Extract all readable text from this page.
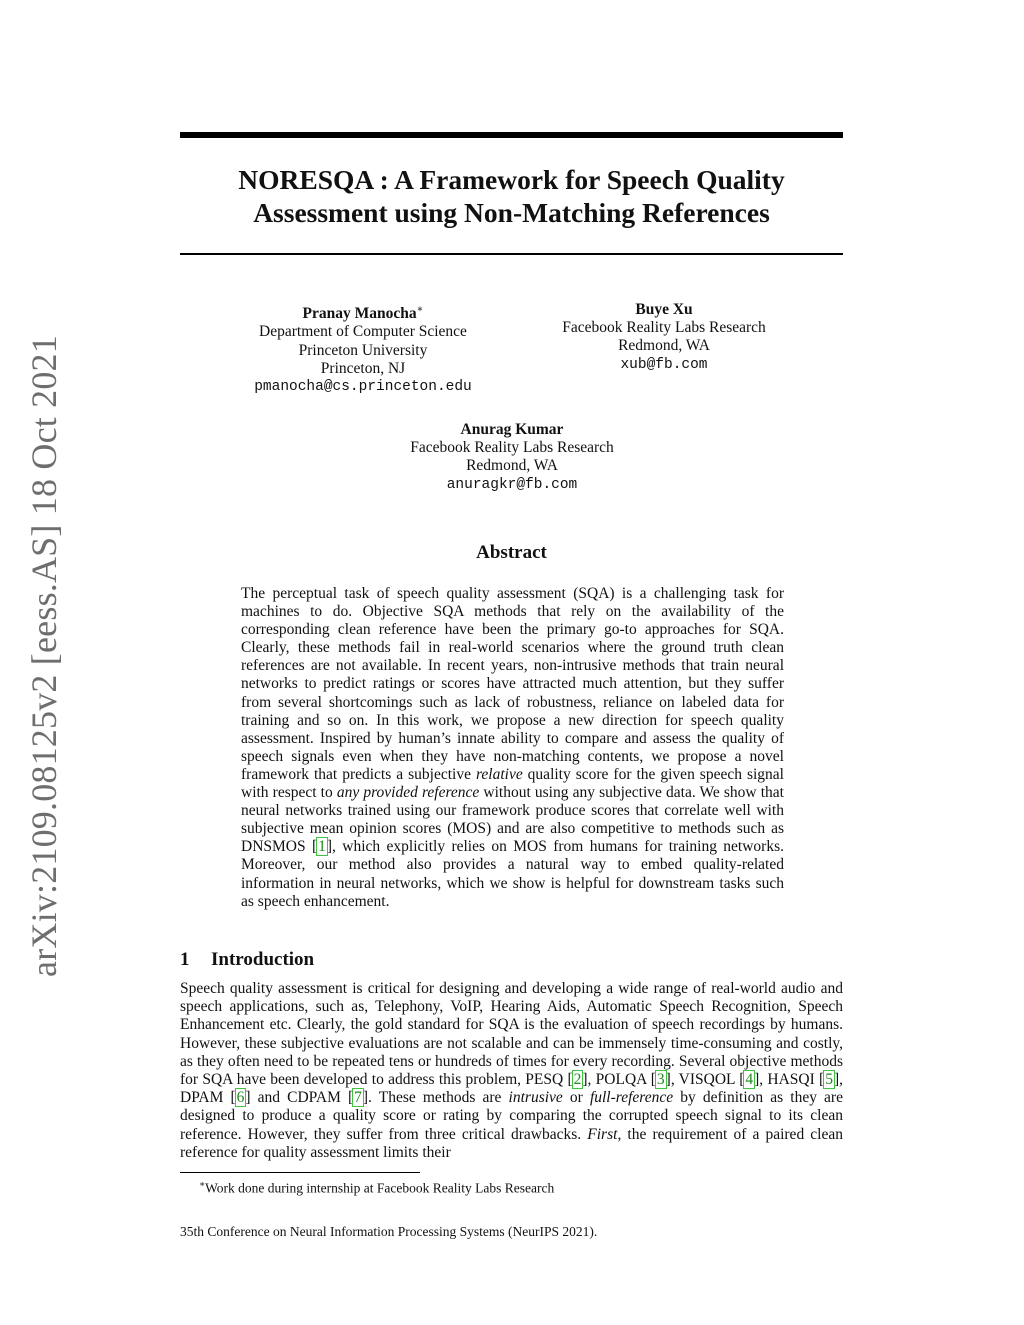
arXiv:2109.08125v2 [eess.AS] 18 Oct 2021
NORESQA : A Framework for Speech Quality
Assessment using Non-Matching References
Pranay Manocha∗
Department of Computer Science
Princeton University
Princeton, NJ
pmanocha@cs.princeton.edu
Buye Xu
Facebook Reality Labs Research
Redmond, WA
xub@fb.com
Anurag Kumar
Facebook Reality Labs Research
Redmond, WA
anuragkr@fb.com
Abstract
The perceptual task of speech quality assessment (SQA) is a challenging task for machines to do. Objective SQA methods that rely on the availability of the corresponding clean reference have been the primary go-to approaches for SQA. Clearly, these methods fail in real-world scenarios where the ground truth clean references are not available. In recent years, non-intrusive methods that train neural networks to predict ratings or scores have attracted much attention, but they suffer from several shortcomings such as lack of robustness, reliance on labeled data for training and so on. In this work, we propose a new direction for speech quality assessment. Inspired by human’s innate ability to compare and assess the quality of speech signals even when they have non-matching contents, we propose a novel framework that predicts a subjective relative quality score for the given speech signal with respect to any provided reference without using any subjective data. We show that neural networks trained using our framework produce scores that correlate well with subjective mean opinion scores (MOS) and are also competitive to methods such as DNSMOS [1], which explicitly relies on MOS from humans for training networks. Moreover, our method also provides a natural way to embed quality-related information in neural networks, which we show is helpful for downstream tasks such as speech enhancement.
1 Introduction
Speech quality assessment is critical for designing and developing a wide range of real-world audio and speech applications, such as, Telephony, VoIP, Hearing Aids, Automatic Speech Recognition, Speech Enhancement etc. Clearly, the gold standard for SQA is the evaluation of speech recordings by humans. However, these subjective evaluations are not scalable and can be immensely time-consuming and costly, as they often need to be repeated tens or hundreds of times for every recording. Several objective methods for SQA have been developed to address this problem, PESQ [2], POLQA [3], VISQOL [4], HASQI [5], DPAM [6] and CDPAM [7]. These methods are intrusive or full-reference by definition as they are designed to produce a quality score or rating by comparing the corrupted speech signal to its clean reference. However, they suffer from three critical drawbacks. First, the requirement of a paired clean reference for quality assessment limits their
∗Work done during internship at Facebook Reality Labs Research
35th Conference on Neural Information Processing Systems (NeurIPS 2021).
